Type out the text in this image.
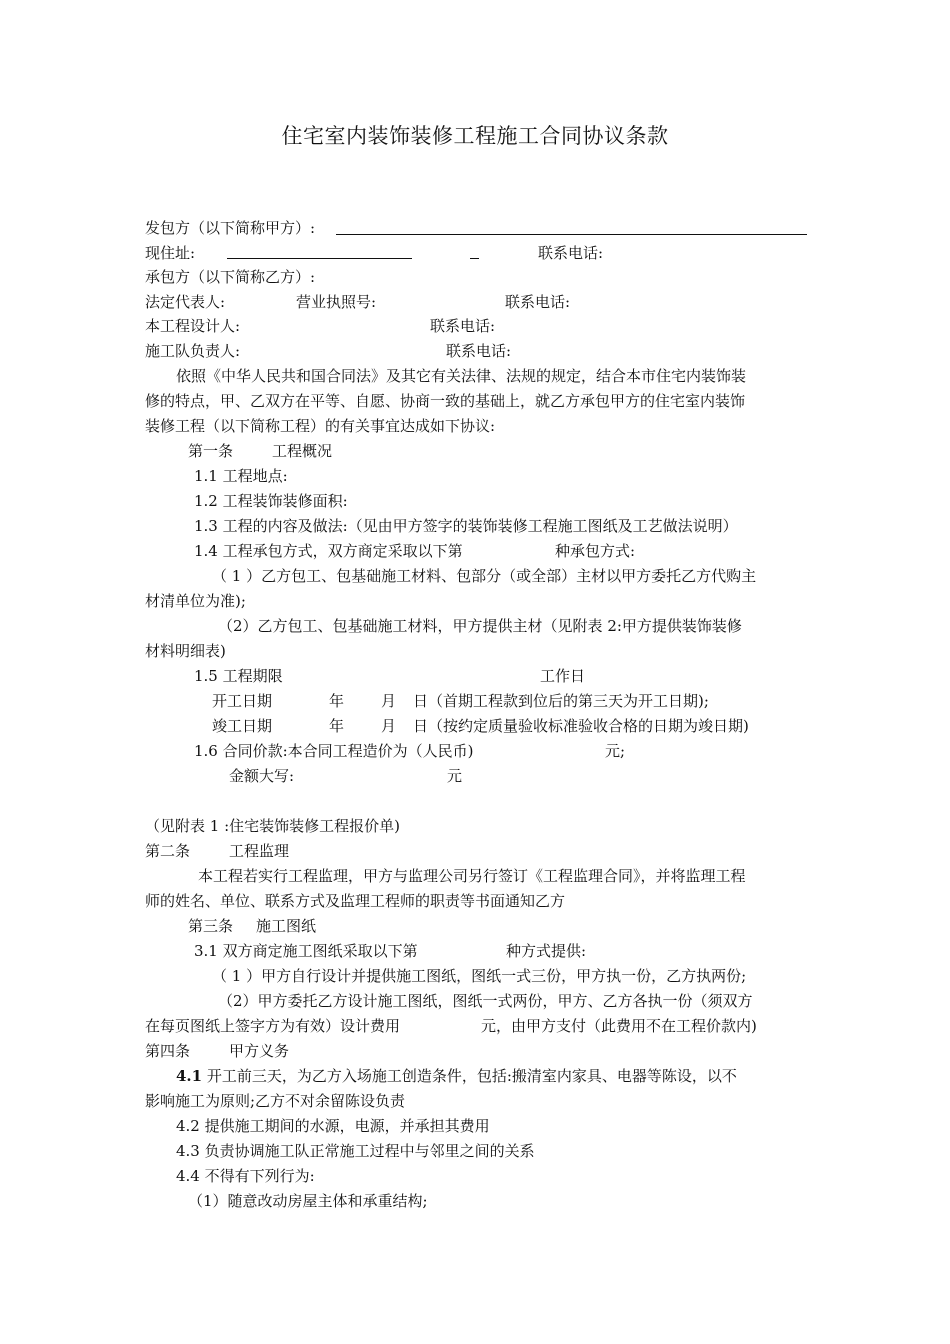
住宅室内装饰装修工程施工合同协议条款
发包方（以下简称甲方）:
现住址:	联系电话:
承包方（以下简称乙方）:
法定代表人:	营业执照号:	联系电话:
本工程设计人:	联系电话:
施工队负责人:	联系电话:
依照《中华人民共和国合同法》及其它有关法律、法规的规定，结合本市住宅内装饰装
修的特点，甲、乙双方在平等、自愿、协商一致的基础上，就乙方承包甲方的住宅室内装饰
装修工程（以下简称工程）的有关事宜达成如下协议:
第一条	工程概况
1.1 工程地点:
1.2 工程装饰装修面积:
1.3 工程的内容及做法:（见由甲方签字的装饰装修工程施工图纸及工艺做法说明）
1.4 工程承包方式，双方商定采取以下第	种承包方式:
（ 1 ）乙方包工、包基础施工材料、包部分（或全部）主材以甲方委托乙方代购主
材清单位为准);
（2）乙方包工、包基础施工材料，甲方提供主材（见附表 2:甲方提供装饰装修
材料明细表)
1.5 工程期限	工作日
开工日期	年 月 日（首期工程款到位后的第三天为开工日期);
竣工日期	年 月 日（按约定质量验收标准验收合格的日期为竣日期)
1.6 合同价款:本合同工程造价为（人民币)	元;
金额大写:	元
（见附表 1 :住宅装饰装修工程报价单)
第二条	工程监理
本工程若实行工程监理，甲方与监理公司另行签订《工程监理合同》，并将监理工程
师的姓名、单位、联系方式及监理工程师的职责等书面通知乙方
第三条 施工图纸
3.1 双方商定施工图纸采取以下第	种方式提供:
（ 1 ）甲方自行设计并提供施工图纸，图纸一式三份，甲方执一份，乙方执两份;
（2）甲方委托乙方设计施工图纸，图纸一式两份，甲方、乙方各执一份（须双方
在每页图纸上签字方为有效）设计费用	元，由甲方支付（此费用不在工程价款内)
第四条	甲方义务
4.1 开工前三天，为乙方入场施工创造条件，包括:搬清室内家具、电器等陈设，以不
影响施工为原则;乙方不对余留陈设负责
4.2 提供施工期间的水源，电源，并承担其费用
4.3 负责协调施工队正常施工过程中与邻里之间的关系
4.4 不得有下列行为:
（1）随意改动房屋主体和承重结构;
